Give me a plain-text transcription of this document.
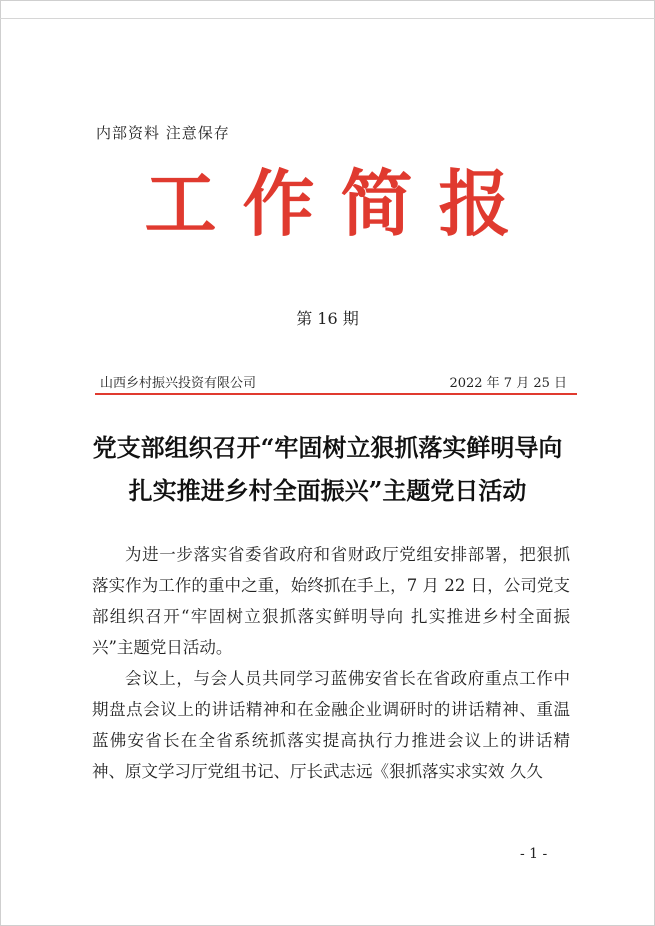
内部资料 注意保存
工作简报
第 16 期
山西乡村振兴投资有限公司	2022 年 7 月 25 日
党支部组织召开“牢固树立狠抓落实鲜明导向
扎实推进乡村全面振兴”主题党日活动

为进一步落实省委省政府和省财政厅党组安排部署，把狠抓落实作为工作的重中之重，始终抓在手上，7 月 22 日，公司党支部组织召开“牢固树立狠抓落实鲜明导向 扎实推进乡村全面振兴”主题党日活动。

会议上，与会人员共同学习蓝佛安省长在省政府重点工作中期盘点会议上的讲话精神和在金融企业调研时的讲话精神、重温蓝佛安省长在全省系统抓落实提高执行力推进会议上的讲话精神、原文学习厅党组书记、厅长武志远《狠抓落实求实效 久久

- 1 -
